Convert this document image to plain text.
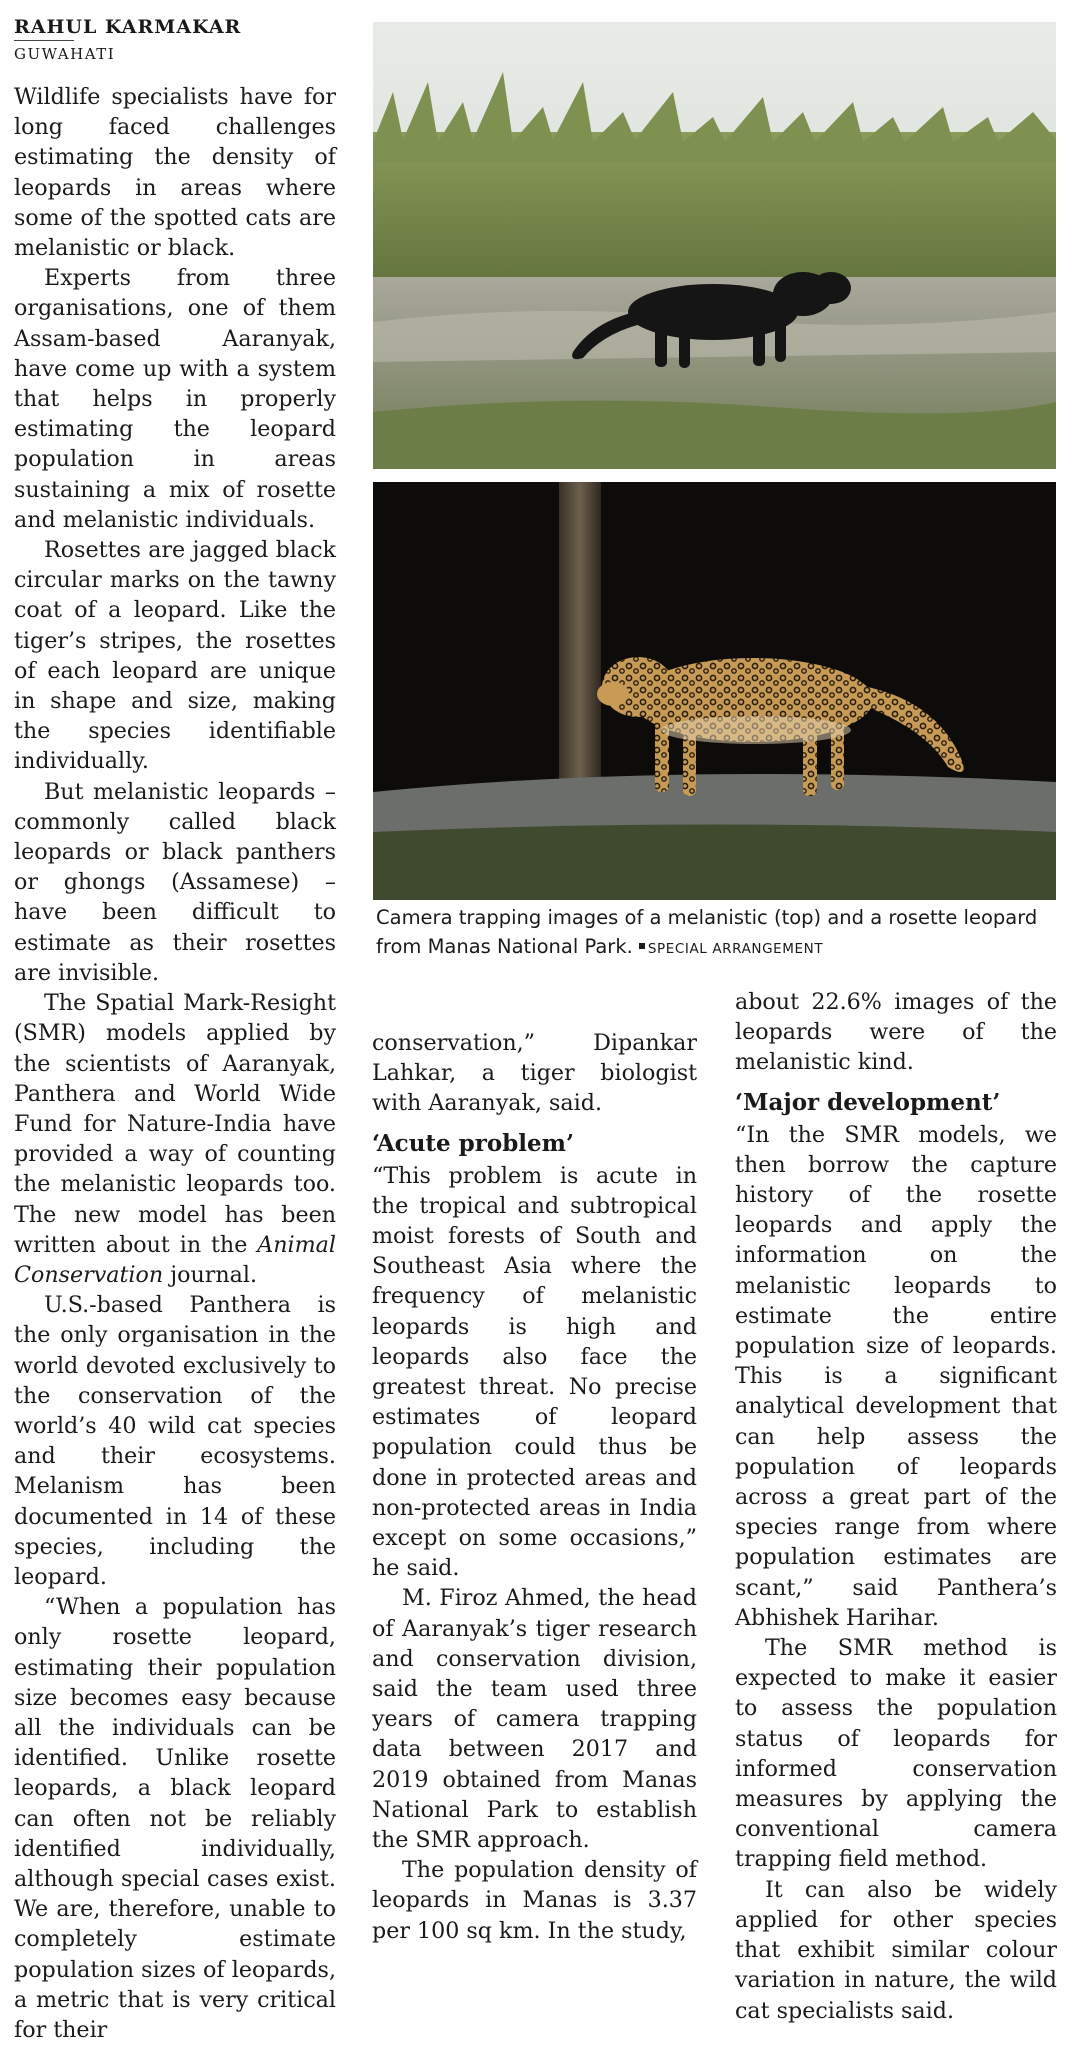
RAHUL KARMAKAR
GUWAHATI

Wildlife specialists have for long faced challenges estimating the density of leopards in areas where some of the spotted cats are melanistic or black.

Experts from three organisations, one of them Assam-based Aaranyak, have come up with a system that helps in properly estimating the leopard population in areas sustaining a mix of rosette and melanistic individuals.

Rosettes are jagged black circular marks on the tawny coat of a leopard. Like the tiger’s stripes, the rosettes of each leopard are unique in shape and size, making the species identifiable individually.

But melanistic leopards – commonly called black leopards or black panthers or ghongs (Assamese) – have been difficult to estimate as their rosettes are invisible.

The Spatial Mark-Resight (SMR) models applied by the scientists of Aaranyak, Panthera and World Wide Fund for Nature-India have provided a way of counting the melanistic leopards too. The new model has been written about in the Animal Conservation journal.

U.S.-based Panthera is the only organisation in the world devoted exclusively to the conservation of the world’s 40 wild cat species and their ecosystems. Melanism has been documented in 14 of these species, including the leopard.

“When a population has only rosette leopard, estimating their population size becomes easy because all the individuals can be identified. Unlike rosette leopards, a black leopard can often not be reliably identified individually, although special cases exist. We are, therefore, unable to completely estimate population sizes of leopards, a metric that is very critical for their

Camera trapping images of a melanistic (top) and a rosette leopard from Manas National Park. SPECIAL ARRANGEMENT

conservation,” Dipankar Lahkar, a tiger biologist with Aaranyak, said.

‘Acute problem’

“This problem is acute in the tropical and subtropical moist forests of South and Southeast Asia where the frequency of melanistic leopards is high and leopards also face the greatest threat. No precise estimates of leopard population could thus be done in protected areas and non-protected areas in India except on some occasions,” he said.

M. Firoz Ahmed, the head of Aaranyak’s tiger research and conservation division, said the team used three years of camera trapping data between 2017 and 2019 obtained from Manas National Park to establish the SMR approach.

The population density of leopards in Manas is 3.37 per 100 sq km. In the study,

about 22.6% images of the leopards were of the melanistic kind.

‘Major development’

“In the SMR models, we then borrow the capture history of the rosette leopards and apply the information on the melanistic leopards to estimate the entire population size of leopards. This is a significant analytical development that can help assess the population of leopards across a great part of the species range from where population estimates are scant,” said Panthera’s Abhishek Harihar.

The SMR method is expected to make it easier to assess the population status of leopards for informed conservation measures by applying the conventional camera trapping field method.

It can also be widely applied for other species that exhibit similar colour variation in nature, the wild cat specialists said.
